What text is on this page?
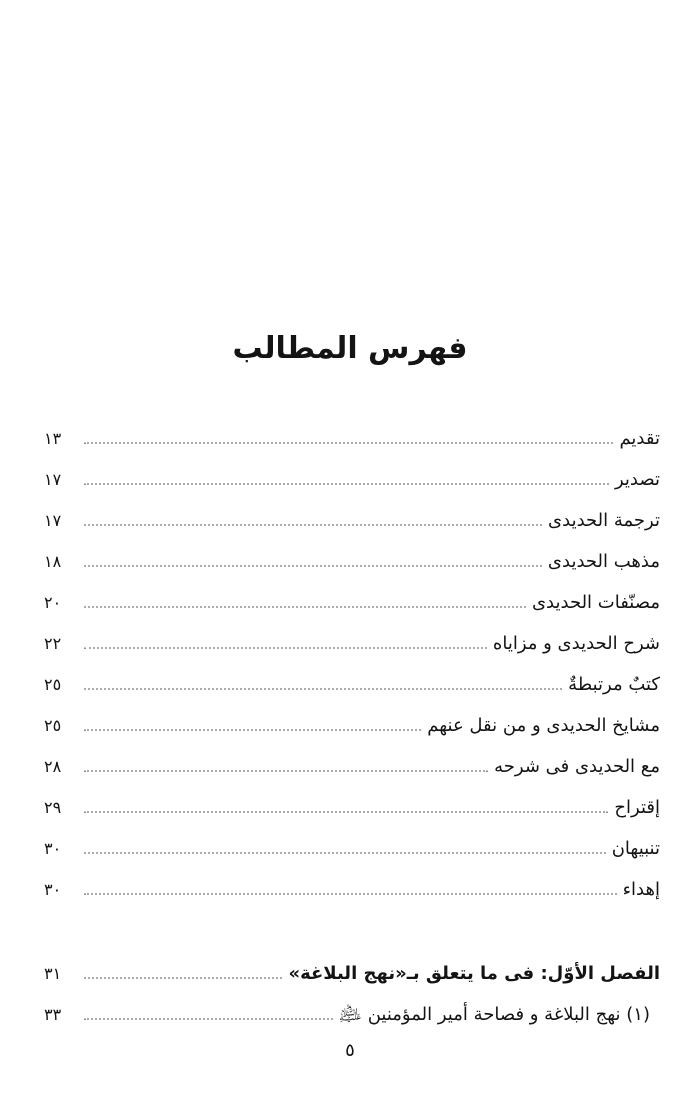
فهرس المطالب
تقديم
١٣
تصدير
١٧
ترجمة الحديدى
١٧
مذهب الحديدى
١٨
مصنّفات الحديدى
٢٠
شرح الحديدى و مزاياه
٢٢
كتبٌ مرتبطةٌ
٢٥
مشايخ الحديدى و من نقل عنهم
٢٥
مع الحديدى فى شرحه
٢٨
إقتراح
٢٩
تنبيهان
٣٠
إهداء
٣٠
الفصل الأوّل: فى ما يتعلق بـ«نهج البلاغة»
٣١
(١) نهج البلاغة و فصاحة أمير المؤمنين ﵇
٣٣
٥
